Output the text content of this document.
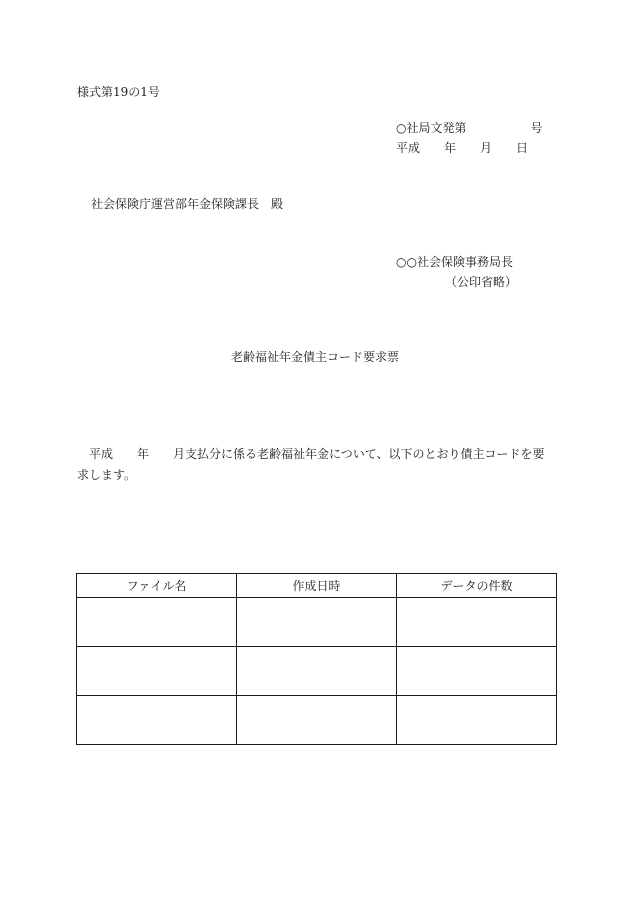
様式第19の1号
○社局文発第	号
平成 年 月 日
社会保険庁運営部年金保険課長 殿
○○社会保険事務局長
（公印省略）
老齢福祉年金債主コード要求票
平成 年 月支払分に係る老齢福祉年金について、以下のとおり債主コードを要求します。
ファイル名	作成日時	データの件数
